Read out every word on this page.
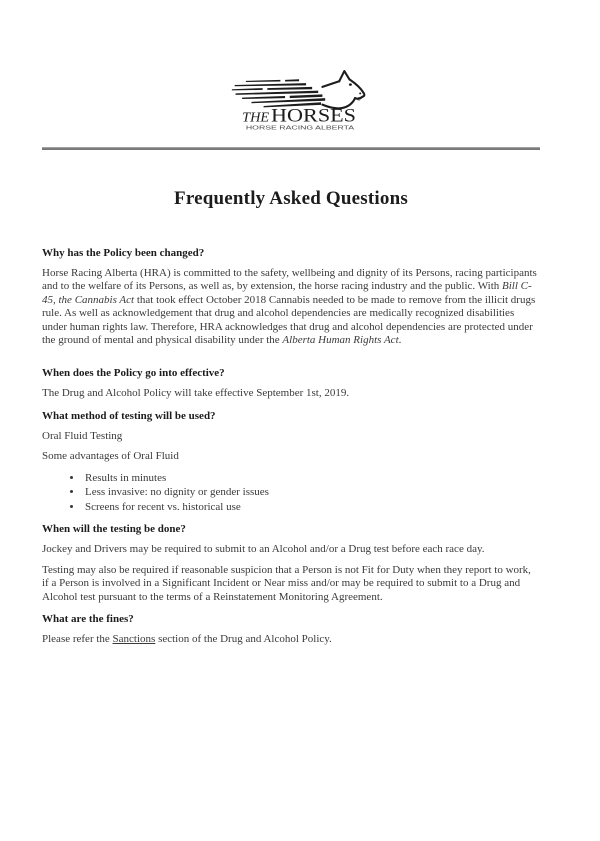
THE HORSES
®
HORSE RACING ALBERTA
Frequently Asked Questions
Why has the Policy been changed?

Horse Racing Alberta (HRA) is committed to the safety, wellbeing and dignity of its Persons, racing participants and to the welfare of its Persons, as well as, by extension, the horse racing industry and the public. With Bill C-45, the Cannabis Act that took effect October 2018 Cannabis needed to be made to remove from the illicit drugs rule. As well as acknowledgement that drug and alcohol dependencies are medically recognized disabilities under human rights law. Therefore, HRA acknowledges that drug and alcohol dependencies are protected under the ground of mental and physical disability under the Alberta Human Rights Act.

When does the Policy go into effective?

The Drug and Alcohol Policy will take effective September 1st, 2019.

What method of testing will be used?

Oral Fluid Testing

Some advantages of Oral Fluid

• Results in minutes
• Less invasive: no dignity or gender issues
• Screens for recent vs. historical use
When will the testing be done?

Jockey and Drivers may be required to submit to an Alcohol and/or a Drug test before each race day.

Testing may also be required if reasonable suspicion that a Person is not Fit for Duty when they report to work, if a Person is involved in a Significant Incident or Near miss and/or may be required to submit to a Drug and Alcohol test pursuant to the terms of a Reinstatement Monitoring Agreement.

What are the fines?

Please refer the Sanctions section of the Drug and Alcohol Policy.
